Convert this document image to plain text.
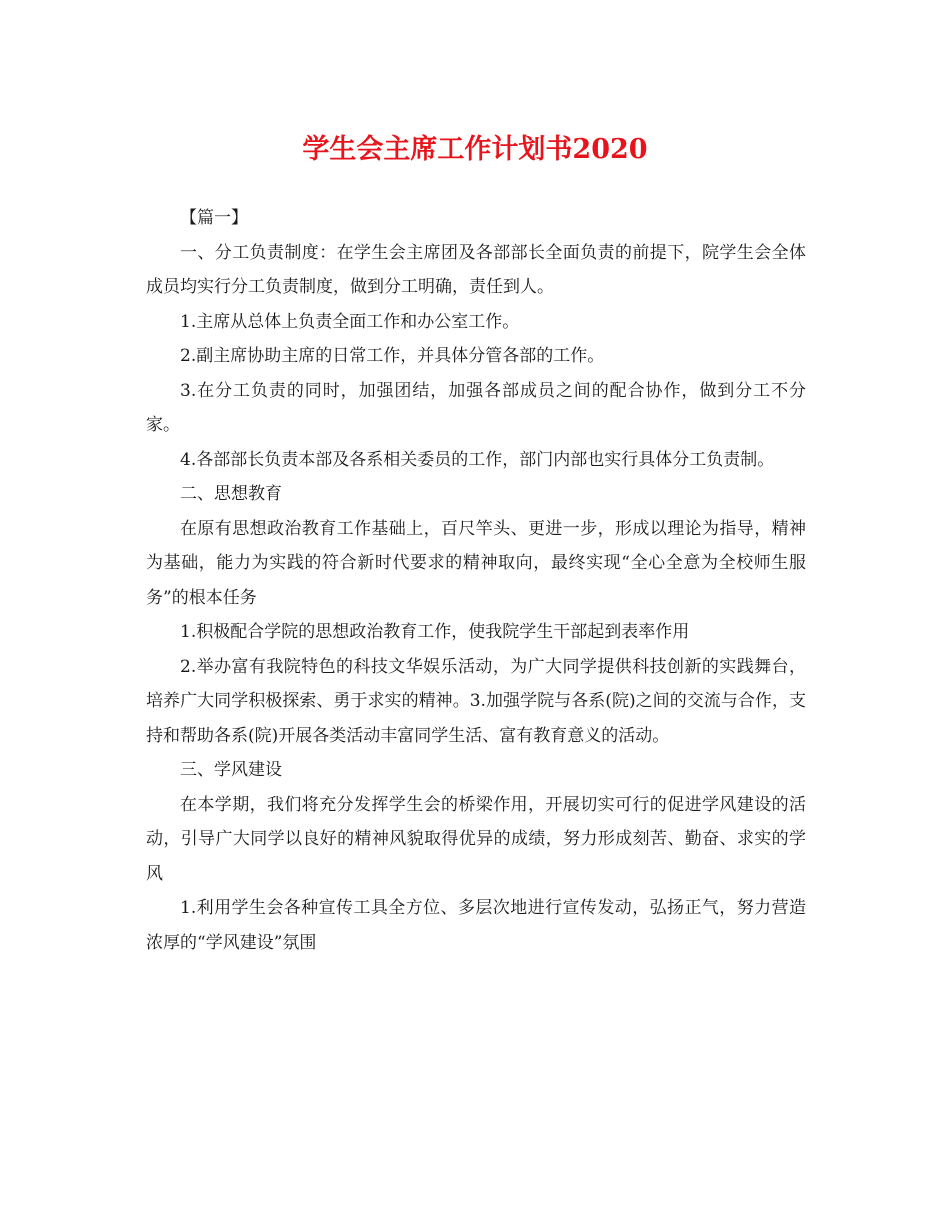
学生会主席工作计划书2020

【篇一】

一、分工负责制度：在学生会主席团及各部部长全面负责的前提下，院学生会全体成员均实行分工负责制度，做到分工明确，责任到人。

1.主席从总体上负责全面工作和办公室工作。

2.副主席协助主席的日常工作，并具体分管各部的工作。

3.在分工负责的同时，加强团结，加强各部成员之间的配合协作，做到分工不分家。

4.各部部长负责本部及各系相关委员的工作，部门内部也实行具体分工负责制。

二、思想教育

在原有思想政治教育工作基础上，百尺竿头、更进一步，形成以理论为指导，精神为基础，能力为实践的符合新时代要求的精神取向，最终实现“全心全意为全校师生服务”的根本任务

1.积极配合学院的思想政治教育工作，使我院学生干部起到表率作用

2.举办富有我院特色的科技文华娱乐活动，为广大同学提供科技创新的实践舞台，培养广大同学积极探索、勇于求实的精神。3.加强学院与各系(院)之间的交流与合作，支持和帮助各系(院)开展各类活动丰富同学生活、富有教育意义的活动。

三、学风建设

在本学期，我们将充分发挥学生会的桥梁作用，开展切实可行的促进学风建设的活动，引导广大同学以良好的精神风貌取得优异的成绩，努力形成刻苦、勤奋、求实的学风

1.利用学生会各种宣传工具全方位、多层次地进行宣传发动，弘扬正气，努力营造浓厚的“学风建设”氛围
